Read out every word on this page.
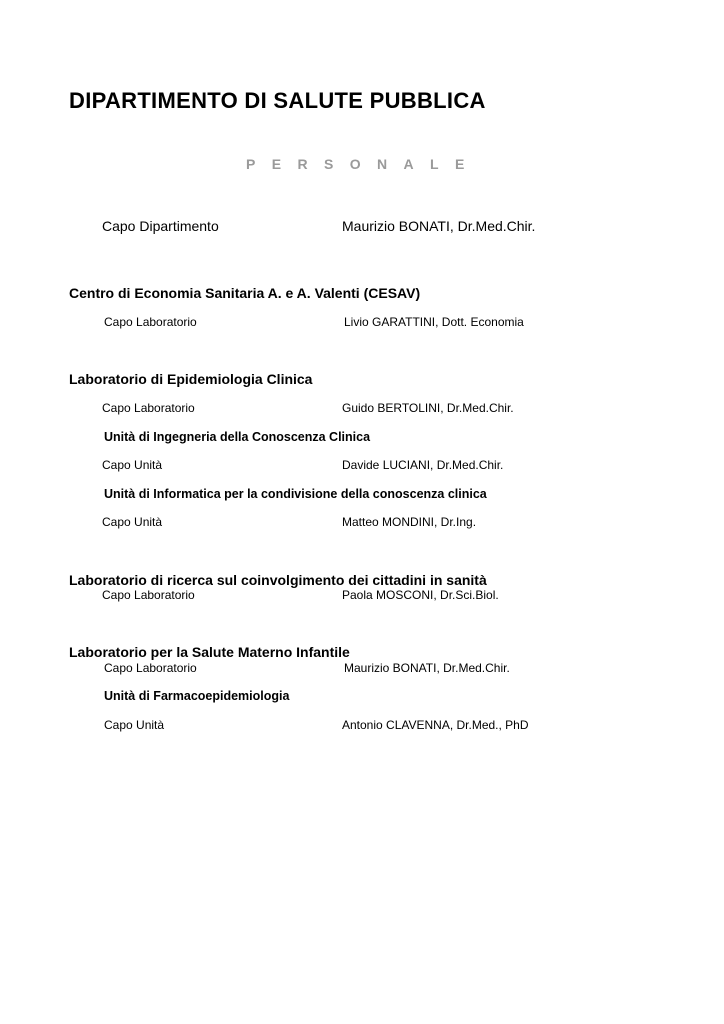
DIPARTIMENTO DI SALUTE PUBBLICA
PERSONALE
Capo Dipartimento	Maurizio BONATI, Dr.Med.Chir.
Centro di Economia Sanitaria A. e A. Valenti (CESAV)
Capo Laboratorio	Livio GARATTINI, Dott. Economia
Laboratorio di Epidemiologia Clinica
Capo Laboratorio	Guido BERTOLINI, Dr.Med.Chir.
Unità di Ingegneria della Conoscenza Clinica
Capo Unità	Davide LUCIANI, Dr.Med.Chir.
Unità di Informatica per la condivisione della conoscenza clinica
Capo Unità	Matteo MONDINI, Dr.Ing.
Laboratorio di ricerca sul coinvolgimento dei cittadini in sanità
Capo Laboratorio	Paola MOSCONI, Dr.Sci.Biol.
Laboratorio per la Salute Materno Infantile
Capo Laboratorio	Maurizio BONATI, Dr.Med.Chir.
Unità di Farmacoepidemiologia
Capo Unità	Antonio CLAVENNA, Dr.Med., PhD
